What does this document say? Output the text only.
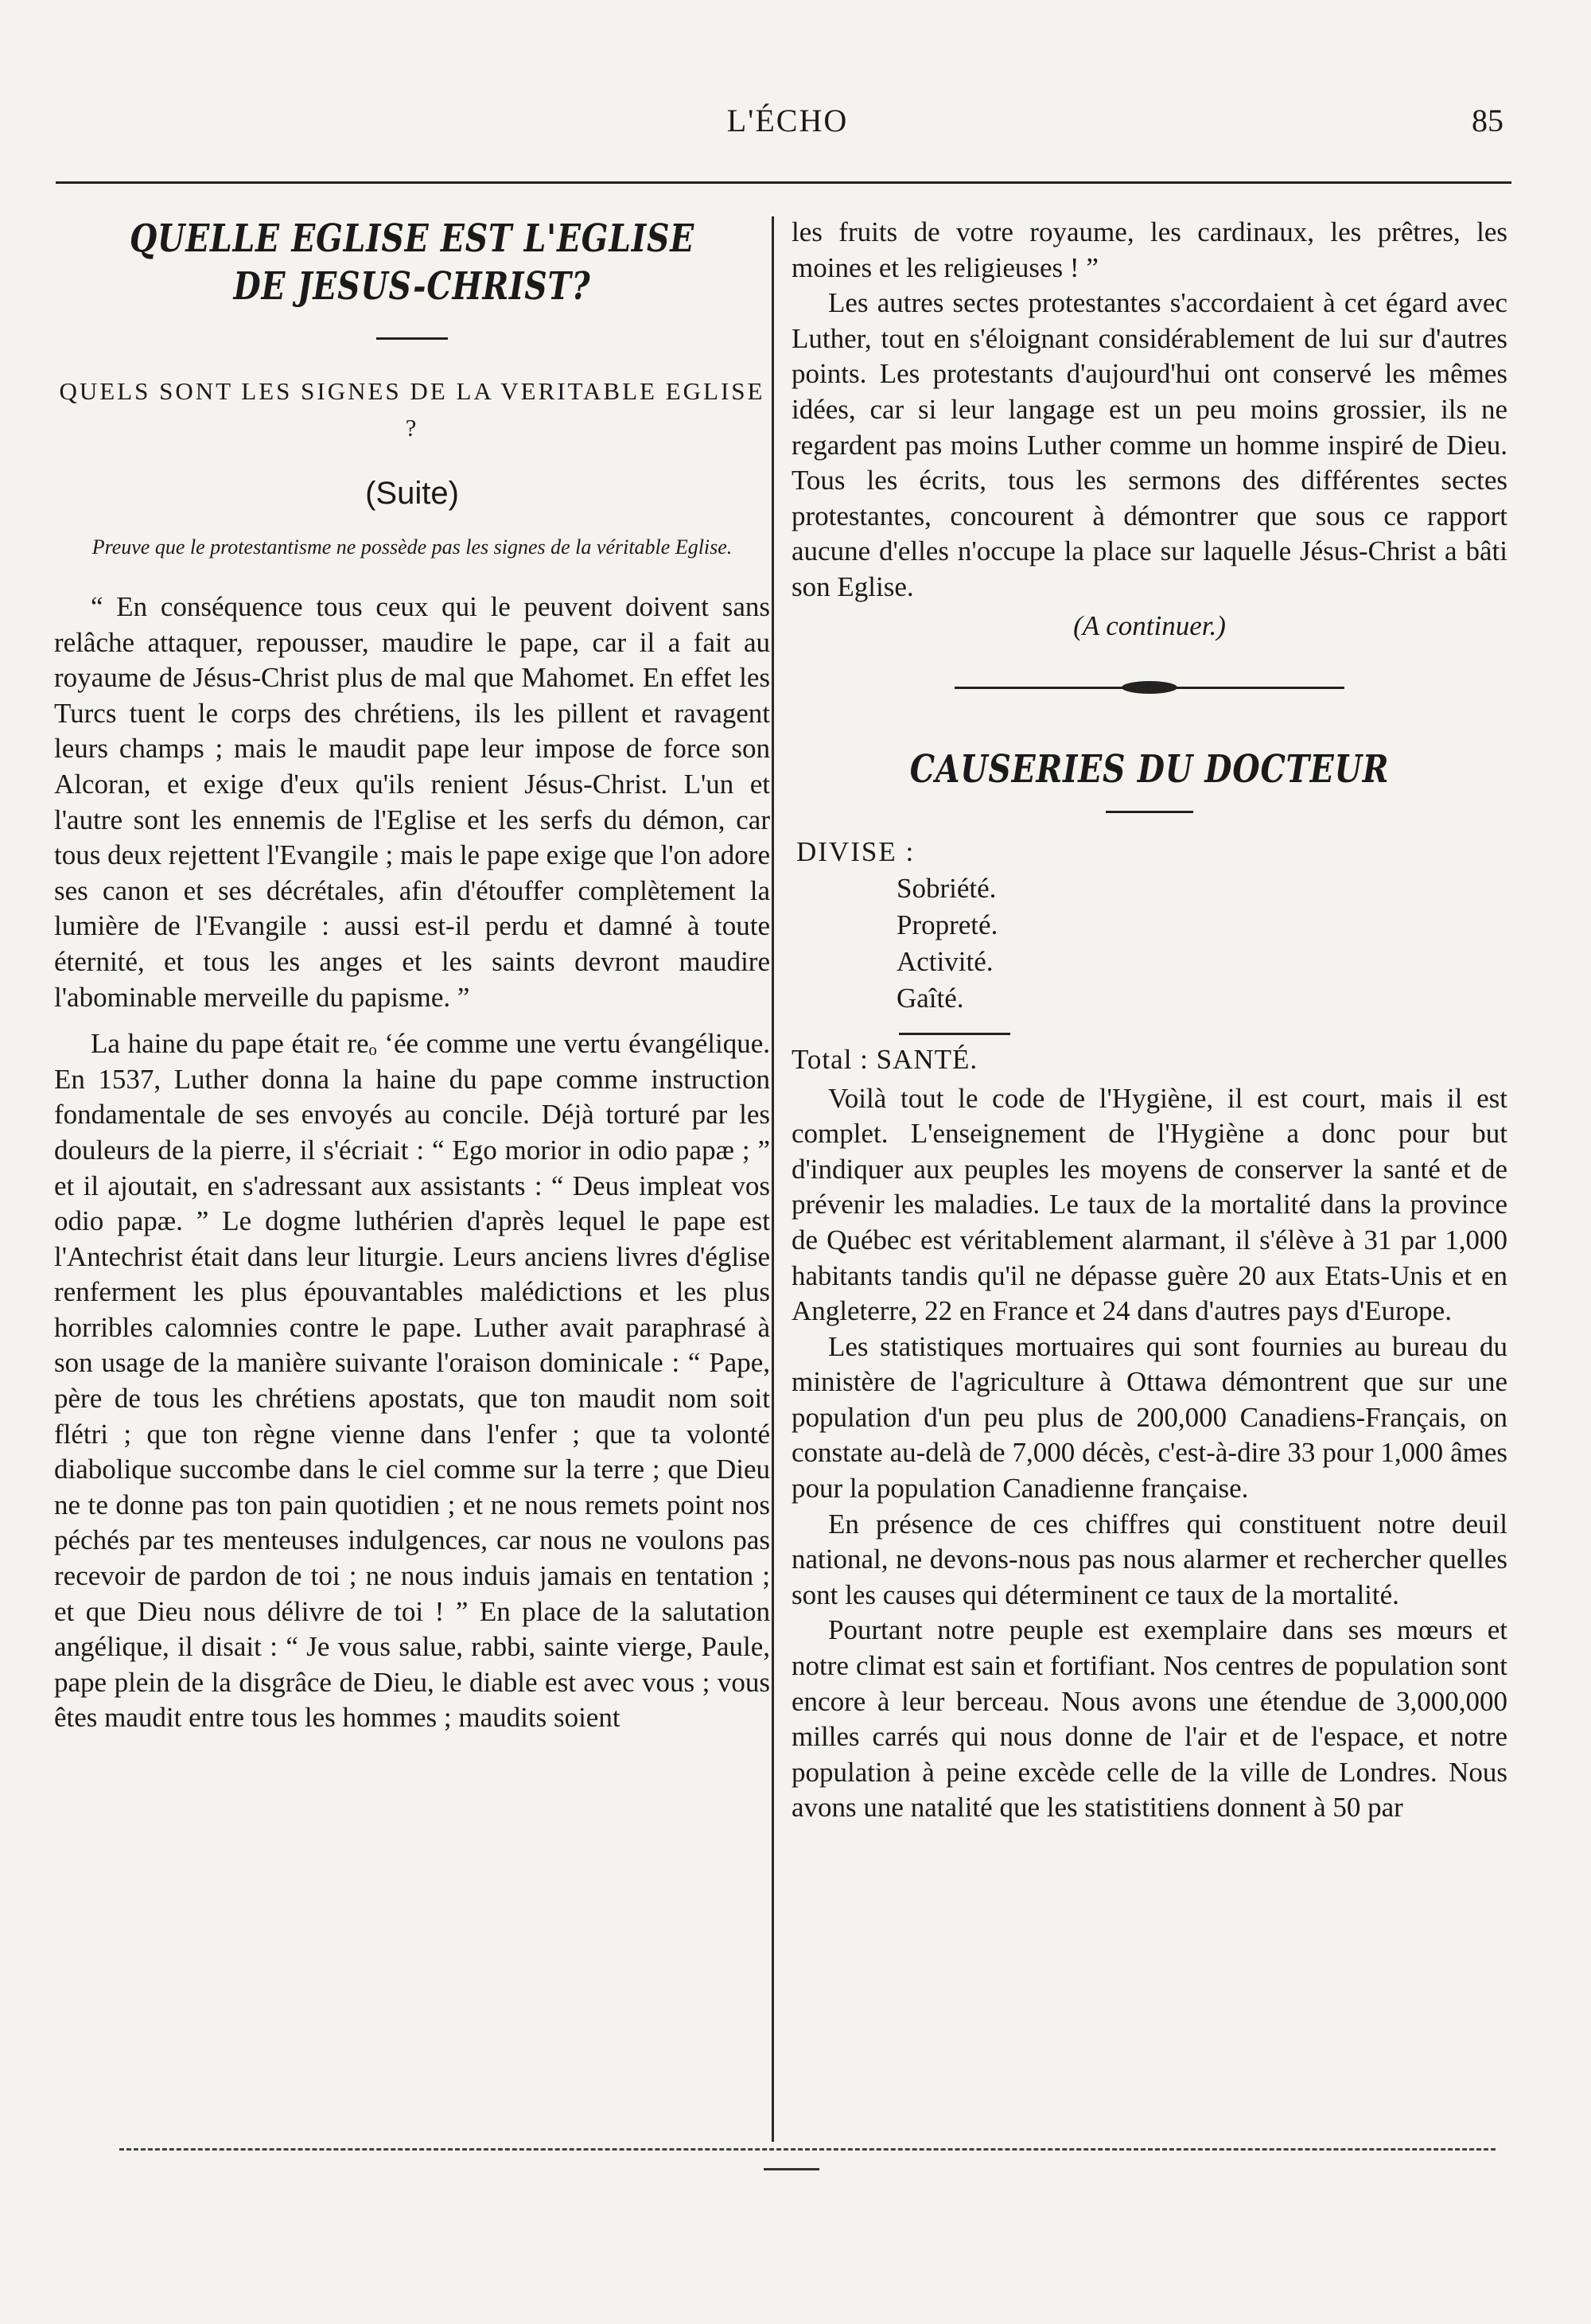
L'ÉCHO	85
QUELLE EGLISE EST L'EGLISE DE JESUS-CHRIST?

QUELS SONT LES SIGNES DE LA VERITABLE EGLISE ?

(Suite)

Preuve que le protestantisme ne possède pas les signes de la véritable Eglise.

“ En conséquence tous ceux qui le peuvent doivent sans relâche attaquer, repousser, maudire le pape, car il a fait au royaume de Jésus-Christ plus de mal que Mahomet. En effet les Turcs tuent le corps des chrétiens, ils les pillent et ravagent leurs champs ; mais le maudit pape leur impose de force son Alcoran, et exige d'eux qu'ils renient Jésus-Christ. L'un et l'autre sont les ennemis de l'Eglise et les serfs du démon, car tous deux rejettent l'Evangile ; mais le pape exige que l'on adore ses canon et ses décrétales, afin d'étouffer complètement la lumière de l'Evangile : aussi est-il perdu et damné à toute éternité, et tous les anges et les saints devront maudire l'abominable merveille du papisme. ”

La haine du pape était reₒ ʻée comme une vertu évangélique. En 1537, Luther donna la haine du pape comme instruction fondamentale de ses envoyés au concile. Déjà torturé par les douleurs de la pierre, il s'écriait : “ Ego morior in odio papæ ; ” et il ajoutait, en s'adressant aux assistants : “ Deus impleat vos odio papæ. ” Le dogme luthérien d'après lequel le pape est l'Antechrist était dans leur liturgie. Leurs anciens livres d'église renferment les plus épouvantables malédictions et les plus horribles calomnies contre le pape. Luther avait paraphrasé à son usage de la manière suivante l'oraison dominicale : “ Pape, père de tous les chrétiens apostats, que ton maudit nom soit flétri ; que ton règne vienne dans l'enfer ; que ta volonté diabolique succombe dans le ciel comme sur la terre ; que Dieu ne te donne pas ton pain quotidien ; et ne nous remets point nos péchés par tes menteuses indulgences, car nous ne voulons pas recevoir de pardon de toi ; ne nous induis jamais en tentation ; et que Dieu nous délivre de toi ! ” En place de la salutation angélique, il disait : “ Je vous salue, rabbi, sainte vierge, Paule, pape plein de la disgrâce de Dieu, le diable est avec vous ; vous êtes maudit entre tous les hommes ; maudits soient

les fruits de votre royaume, les cardinaux, les prêtres, les moines et les religieuses ! ”

Les autres sectes protestantes s'accordaient à cet égard avec Luther, tout en s'éloignant considérablement de lui sur d'autres points. Les protestants d'aujourd'hui ont conservé les mêmes idées, car si leur langage est un peu moins grossier, ils ne regardent pas moins Luther comme un homme inspiré de Dieu. Tous les écrits, tous les sermons des différentes sectes protestantes, concourent à démontrer que sous ce rapport aucune d'elles n'occupe la place sur laquelle Jésus-Christ a bâti son Eglise.

(A continuer.)

CAUSERIES DU DOCTEUR

DIVISE :

Sobriété.
Propreté.
Activité.
Gaîté.

Total : SANTÉ.

Voilà tout le code de l'Hygiène, il est court, mais il est complet. L'enseignement de l'Hygiène a donc pour but d'indiquer aux peuples les moyens de conserver la santé et de prévenir les maladies. Le taux de la mortalité dans la province de Québec est véritablement alarmant, il s'élève à 31 par 1,000 habitants tandis qu'il ne dépasse guère 20 aux Etats-Unis et en Angleterre, 22 en France et 24 dans d'autres pays d'Europe.

Les statistiques mortuaires qui sont fournies au bureau du ministère de l'agriculture à Ottawa démontrent que sur une population d'un peu plus de 200,000 Canadiens-Français, on constate au-delà de 7,000 décès, c'est-à-dire 33 pour 1,000 âmes pour la population Canadienne française.

En présence de ces chiffres qui constituent notre deuil national, ne devons-nous pas nous alarmer et rechercher quelles sont les causes qui déterminent ce taux de la mortalité.

Pourtant notre peuple est exemplaire dans ses mœurs et notre climat est sain et fortifiant. Nos centres de population sont encore à leur berceau. Nous avons une étendue de 3,000,000 milles carrés qui nous donne de l'air et de l'espace, et notre population à peine excède celle de la ville de Londres. Nous avons une natalité que les statistitiens donnent à 50 par
